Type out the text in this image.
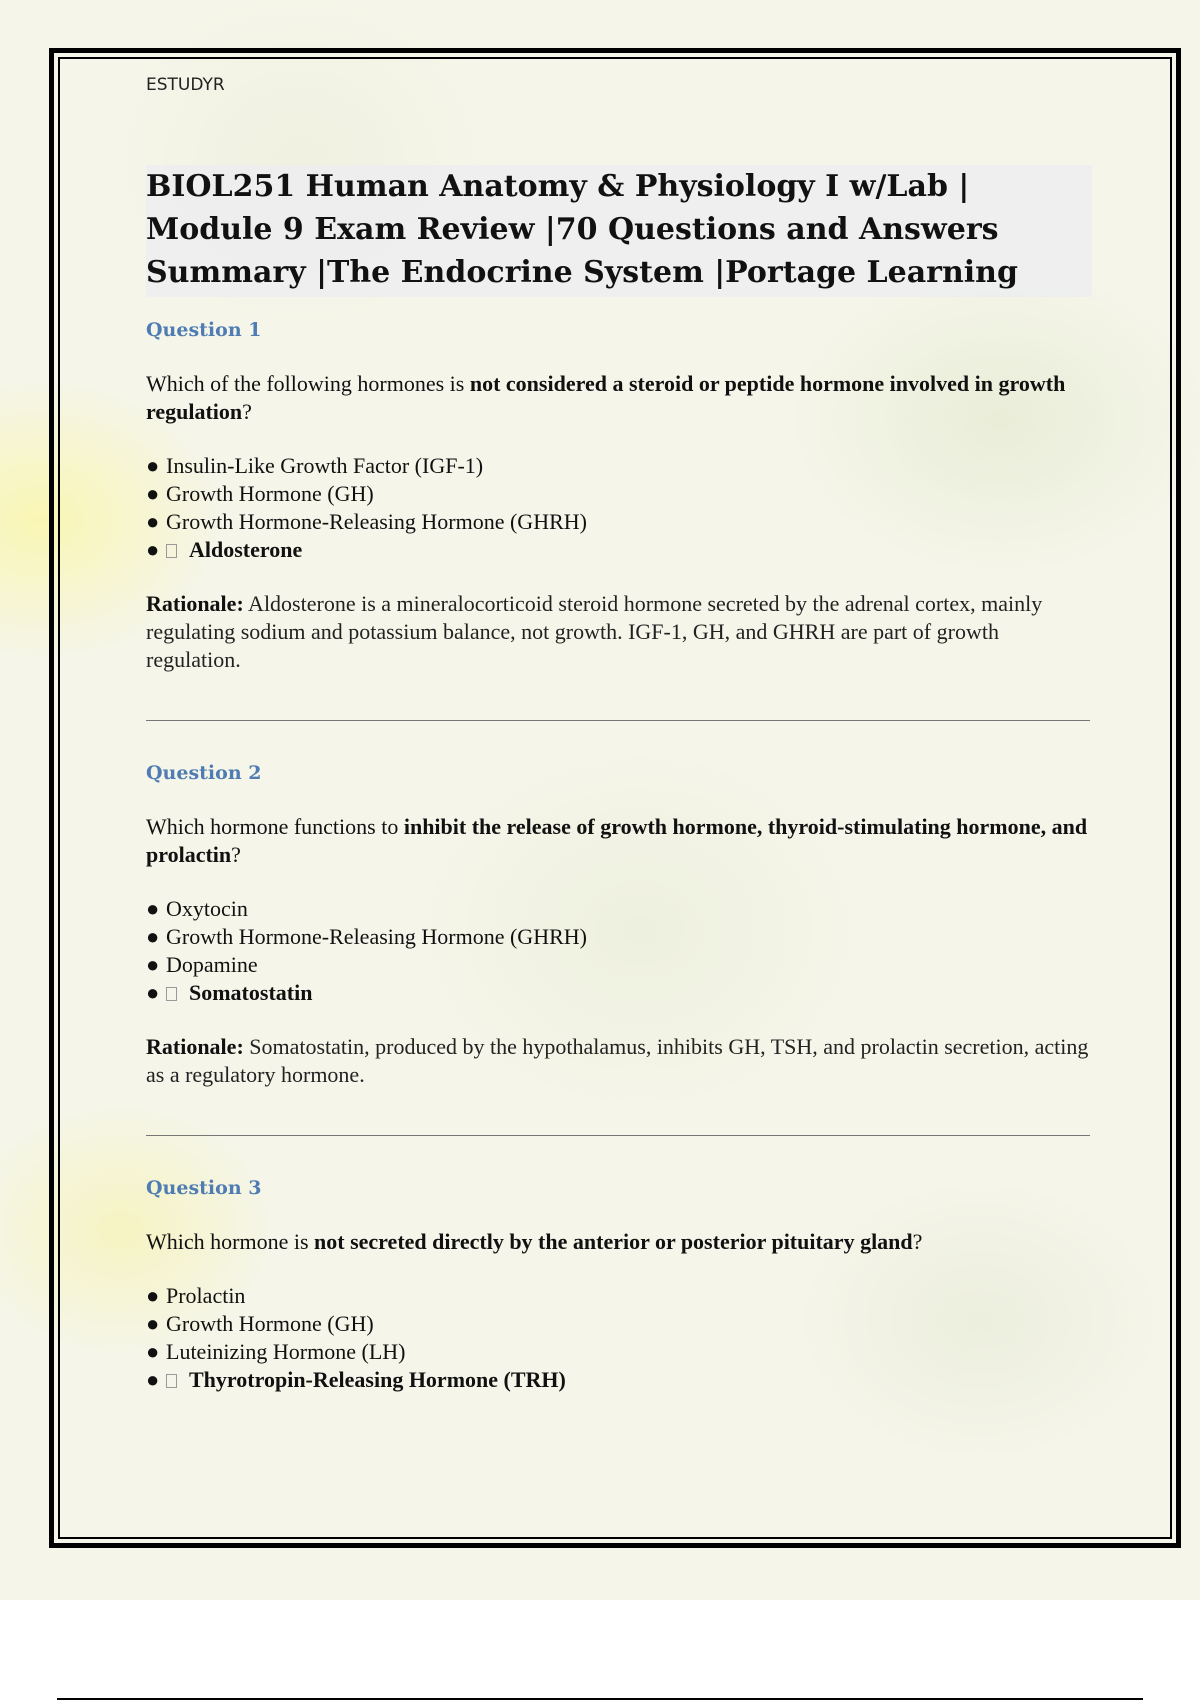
ESTUDYR
BIOL251 Human Anatomy & Physiology I w/Lab | Module 9 Exam Review |70 Questions and Answers Summary |The Endocrine System |Portage Learning
Question 1

Which of the following hormones is not considered a steroid or peptide hormone involved in growth regulation?

● Insulin-Like Growth Factor (IGF-1)
● Growth Hormone (GH)
● Growth Hormone-Releasing Hormone (GHRH)
● Aldosterone

Rationale: Aldosterone is a mineralocorticoid steroid hormone secreted by the adrenal cortex, mainly regulating sodium and potassium balance, not growth. IGF-1, GH, and GHRH are part of growth regulation.

Question 2

Which hormone functions to inhibit the release of growth hormone, thyroid-stimulating hormone, and prolactin?

● Oxytocin
● Growth Hormone-Releasing Hormone (GHRH)
● Dopamine
● Somatostatin

Rationale: Somatostatin, produced by the hypothalamus, inhibits GH, TSH, and prolactin secretion, acting as a regulatory hormone.

Question 3

Which hormone is not secreted directly by the anterior or posterior pituitary gland?

● Prolactin
● Growth Hormone (GH)
● Luteinizing Hormone (LH)
● Thyrotropin-Releasing Hormone (TRH)
